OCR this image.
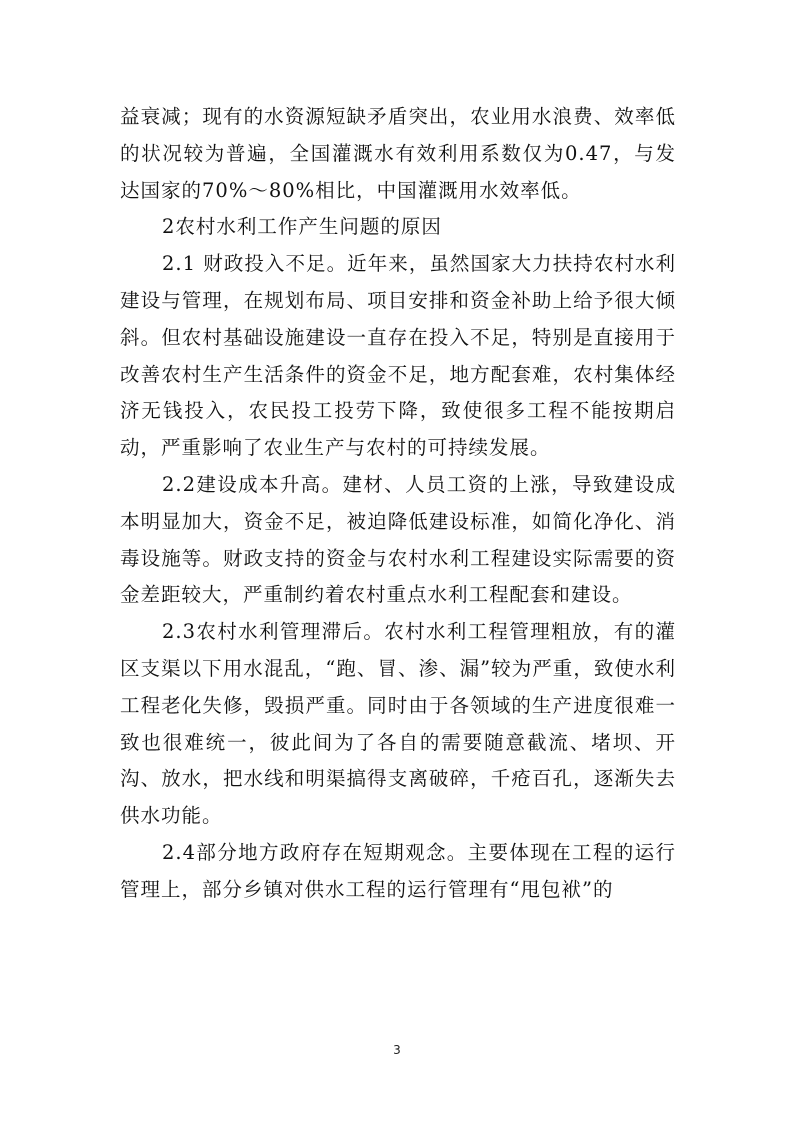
益衰减；现有的水资源短缺矛盾突出，农业用水浪费、效率低的状况较为普遍，全国灌溉水有效利用系数仅为0.47，与发达国家的70%～80%相比，中国灌溉用水效率低。

2农村水利工作产生问题的原因

2.1 财政投入不足。近年来，虽然国家大力扶持农村水利建设与管理，在规划布局、项目安排和资金补助上给予很大倾斜。但农村基础设施建设一直存在投入不足，特别是直接用于改善农村生产生活条件的资金不足，地方配套难，农村集体经济无钱投入，农民投工投劳下降，致使很多工程不能按期启动，严重影响了农业生产与农村的可持续发展。

2.2建设成本升高。建材、人员工资的上涨，导致建设成本明显加大，资金不足，被迫降低建设标准，如简化净化、消毒设施等。财政支持的资金与农村水利工程建设实际需要的资金差距较大，严重制约着农村重点水利工程配套和建设。

2.3农村水利管理滞后。农村水利工程管理粗放，有的灌区支渠以下用水混乱，“跑、冒、渗、漏”较为严重，致使水利工程老化失修，毁损严重。同时由于各领域的生产进度很难一致也很难统一，彼此间为了各自的需要随意截流、堵坝、开沟、放水，把水线和明渠搞得支离破碎，千疮百孔，逐渐失去供水功能。

2.4部分地方政府存在短期观念。主要体现在工程的运行管理上，部分乡镇对供水工程的运行管理有“甩包袱”的

3
